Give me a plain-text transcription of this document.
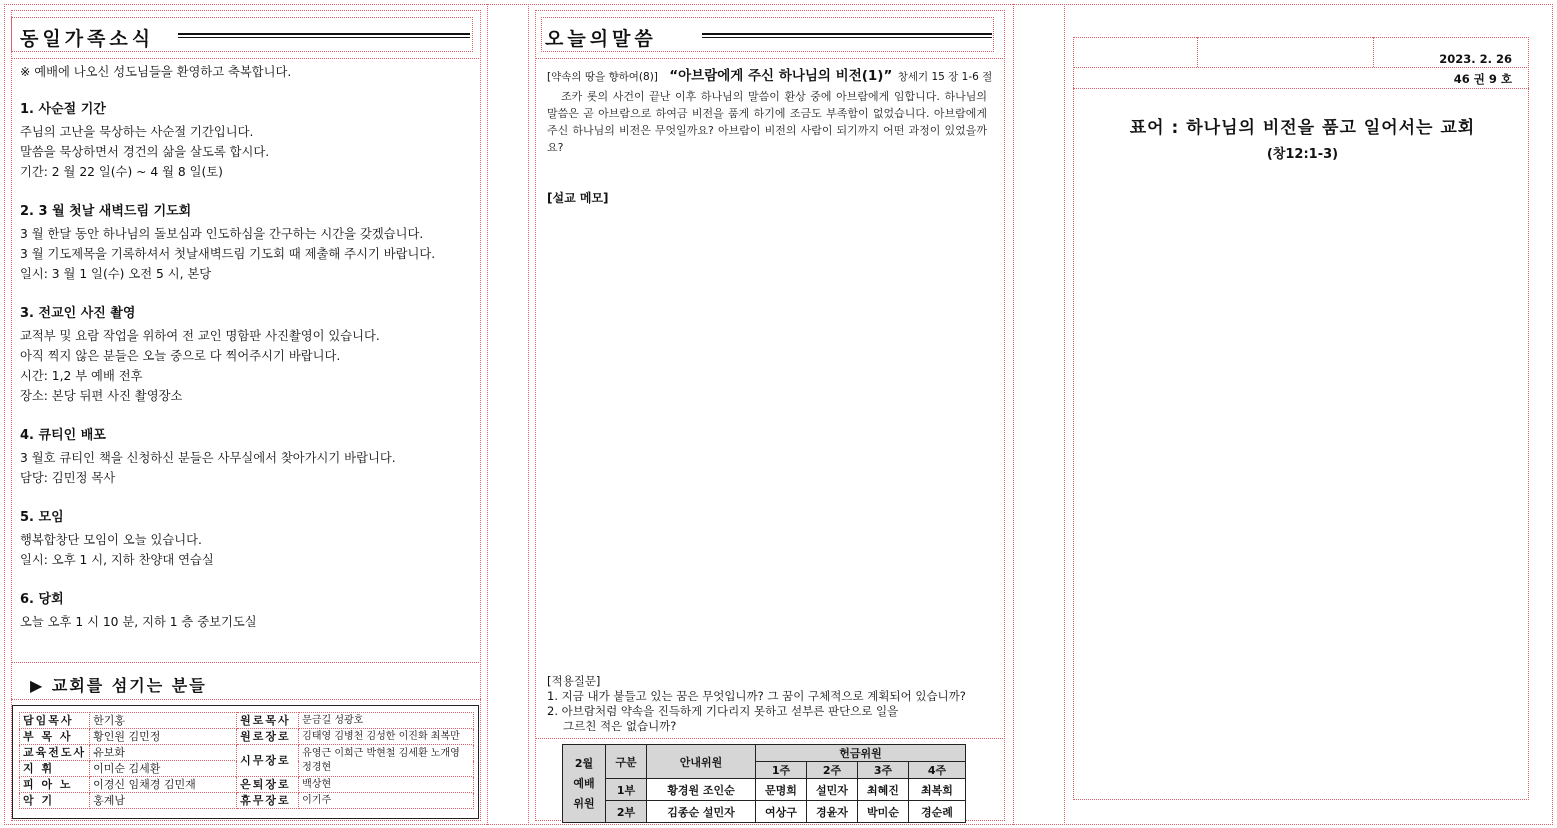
동일가족소식
※ 예배에 나오신 성도님들을 환영하고 축복합니다.
1. 사순절 기간
주님의 고난을 묵상하는 사순절 기간입니다.
말씀을 묵상하면서 경건의 삶을 살도록 합시다.
기간: 2 월 22 일(수) ~ 4 월 8 일(토)
2. 3 월 첫날 새벽드림 기도회
3 월 한달 동안 하나님의 돌보심과 인도하심을 간구하는 시간을 갖겠습니다.
3 월 기도제목을 기록하셔서 첫날새벽드림 기도회 때 제출해 주시기 바랍니다.
일시: 3 월 1 일(수) 오전 5 시, 본당
3. 전교인 사진 촬영
교적부 및 요람 작업을 위하여 전 교인 명함판 사진촬영이 있습니다.
아직 찍지 않은 분들은 오늘 중으로 다 찍어주시기 바랍니다.
시간: 1,2 부 예배 전후
장소: 본당 뒤편 사진 촬영장소
4. 큐티인 배포
3 월호 큐티인 책을 신청하신 분들은 사무실에서 찾아가시기 바랍니다.
담당: 김민정 목사
5. 모임
행복합창단 모임이 오늘 있습니다.
일시: 오후 1 시, 지하 찬양대 연습실
6. 당회
오늘 오후 1 시 10 분, 지하 1 층 중보기도실
▶ 교회를 섬기는 분들
담임목사	한기홍	원로목사	문금길 성광호
부 목 사	황인원 김민정	원로장로	김태영 김병천 김성한 이진화 최복만
교육전도사	유보화	시무장로	유영근 이희근 박현철 김세환 노개영 정경현
지 휘	이미순 김세환		
피 아 노	이경신 임채경 김민재	은퇴장로	백상현
악 기	홍계남	휴무장로	이기주
오늘의말씀
[약속의 땅을 향하여(8)] “아브람에게 주신 하나님의 비전(1)” 창세기 15 장 1-6 절
조카 롯의 사건이 끝난 이후 하나님의 말씀이 환상 중에 아브람에게 임합니다. 하나님의 말씀은 곧 아브람으로 하여금 비전을 품게 하기에 조금도 부족함이 없었습니다. 아브람에게 주신 하나님의 비전은 무엇일까요? 아브람이 비전의 사람이 되기까지 어떤 과정이 있었을까요?
[설교 메모]
[적용질문]
1. 지금 내가 붙들고 있는 꿈은 무엇입니까? 그 꿈이 구체적으로 계획되어 있습니까?
2. 아브람처럼 약속을 진득하게 기다리지 못하고 섣부른 판단으로 일을
그르친 적은 없습니까?
2월
예배
위원	구분	안내위원	헌금위원			
			1주	2주	3주	4주
	1부	황경원 조인순	문명희	설민자	최혜진	최복희
	2부	김종순 설민자	여상구	경윤자	박미순	경순례
2023. 2. 26
46 권 9 호
표어 : 하나님의 비전을 품고 일어서는 교회
(창12:1-3)
